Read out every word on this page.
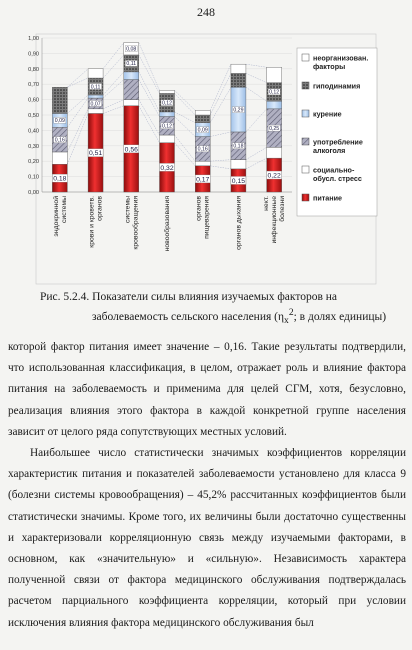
248
0,00
0,10
0,20
0,30
0,40
0,50
0,60
0,70
0,80
0,90
1,00
0,18
0,51
0,56
0,32
0,17	0,15
0,22
0,16
0,07
0,12
0,16
0,18
0,25
0,09
0,09
0,29
0,11
0,11
0,12
0,12
0,08
эндокринной системы	крови и кроветв. органов	системы кровообращения	новообразования	органов пищеварения	органов дыхания	нект. инфекционные болезни
неорганизован.
факторы
гиподинамия
курение
употребление
алкоголя
социально-
обусл. стресс
питание
Рис. 5.2.4. Показатели силы влияния изучаемых факторов на
заболеваемость сельского населения ($\eta_x^2$; в долях единицы)

которой фактор питания имеет значение – 0,16. Такие результаты подтвердили, что использованная классификация, в целом, отражает роль и влияние фактора питания на заболеваемость и применима для целей СГМ, хотя, безусловно, реализация влияния этого фактора в каждой конкретной группе населения зависит от целого ряда сопутствующих местных условий.

Наибольшее число статистически значимых коэффициентов корреляции характеристик питания и показателей заболеваемости установлено для класса 9 (болезни системы кровообращения) – 45,2% рассчитанных коэффициентов были статистически значимы. Кроме того, их величины были достаточно существенны и характеризовали корреляционную связь между изучаемыми факторами, в основном, как «значительную» и «сильную». Независимость характера полученной связи от фактора медицинского обслуживания подтверждалась расчетом парциального коэффициента корреляции, который при условии исключения влияния фактора медицинского обслуживания был
